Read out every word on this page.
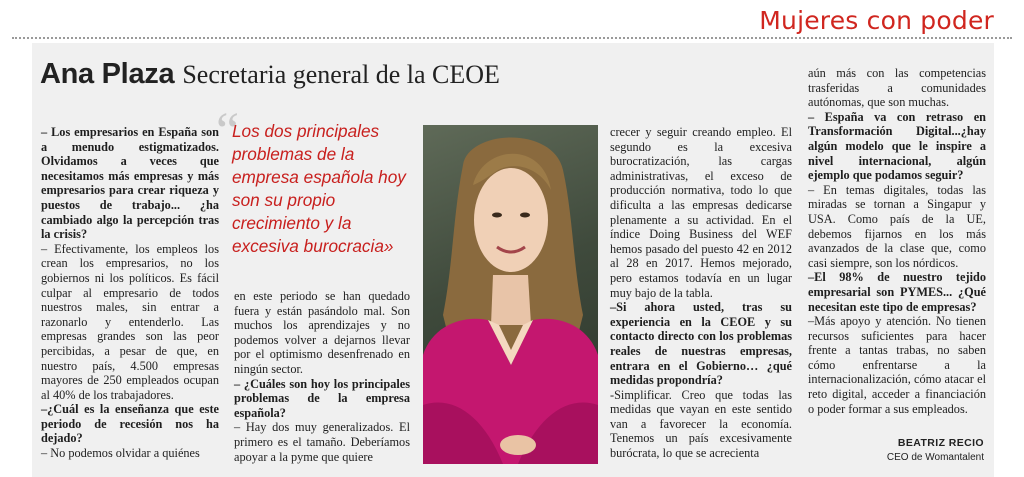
Mujeres con poder
Ana Plaza Secretaria general de la CEOE

– Los empresarios en España son a menudo estigmatizados. Olvidamos a veces que necesitamos más empresas y más empresarios para crear riqueza y puestos de trabajo... ¿ha cambiado algo la percepción tras la crisis?

– Efectivamente, los empleos los crean los empresarios, no los gobiernos ni los políticos. Es fácil culpar al empresario de todos nuestros males, sin entrar a razonarlo y entenderlo. Las empresas grandes son las peor percibidas, a pesar de que, en nuestro país, 4.500 empresas mayores de 250 empleados ocupan al 40% de los trabajadores.

–¿Cuál es la enseñanza que este periodo de recesión nos ha dejado?

– No podemos olvidar a quiénes

“
Los dos principales problemas de la empresa española hoy son su propio crecimiento y la excesiva burocracia»

en este periodo se han quedado fuera y están pasándolo mal. Son muchos los aprendizajes y no podemos volver a dejarnos llevar por el optimismo desenfrenado en ningún sector.

– ¿Cuáles son hoy los principales problemas de la empresa española?

– Hay dos muy generalizados. El primero es el tamaño. Deberíamos apoyar a la pyme que quiere

crecer y seguir creando empleo. El segundo es la excesiva burocratización, las cargas administrativas, el exceso de producción normativa, todo lo que dificulta a las empresas dedicarse plenamente a su actividad. En el índice Doing Business del WEF hemos pasado del puesto 42 en 2012 al 28 en 2017. Hemos mejorado, pero estamos todavía en un lugar muy bajo de la tabla.

–Si ahora usted, tras su experiencia en la CEOE y su contacto directo con los problemas reales de nuestras empresas, entrara en el Gobierno… ¿qué medidas propondría?

-Simplificar. Creo que todas las medidas que vayan en este sentido van a favorecer la economía. Tenemos un país excesivamente burócrata, lo que se acrecienta

aún más con las competencias trasferidas a comunidades autónomas, que son muchas.

– España va con retraso en Transformación Digital...¿hay algún modelo que le inspire a nivel internacional, algún ejemplo que podamos seguir?

– En temas digitales, todas las miradas se tornan a Singapur y USA. Como país de la UE, debemos fijarnos en los más avanzados de la clase que, como casi siempre, son los nórdicos.

–El 98% de nuestro tejido empresarial son PYMES... ¿Qué necesitan este tipo de empresas?

–Más apoyo y atención. No tienen recursos suficientes para hacer frente a tantas trabas, no saben cómo enfrentarse a la internacionalización, cómo atacar el reto digital, acceder a financiación o poder formar a sus empleados.

BEATRIZ RECIO
CEO de Womantalent
